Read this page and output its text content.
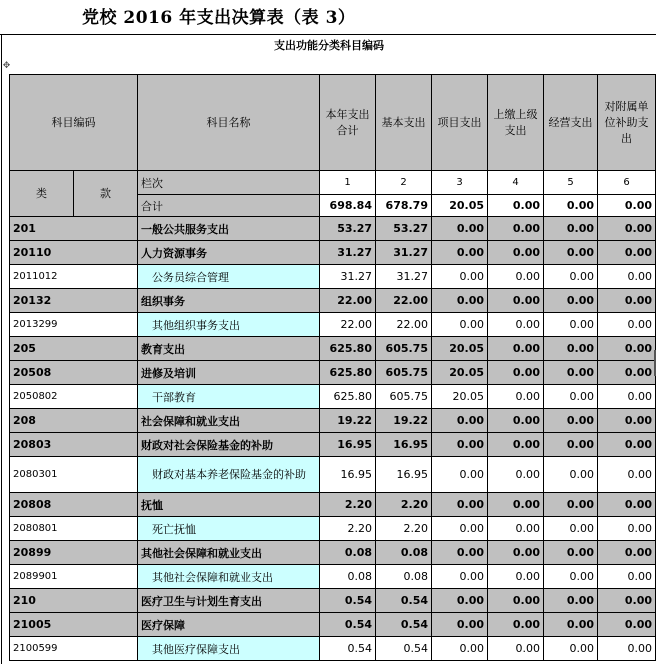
党校 2016 年支出决算表（表 3）
支出功能分类科目编码
✥
科目编码		科目名称	本年支出合计	基本支出	项目支出	上缴上级支出	经营支出	对附属单位补助支出
类	款	栏次	1	2	3	4	5	6
		合计	698.84	678.79	20.05	0.00	0.00	0.00
201		一般公共服务支出	53.27	53.27	0.00	0.00	0.00	0.00
20110		人力资源事务	31.27	31.27	0.00	0.00	0.00	0.00
2011012		公务员综合管理	31.27	31.27	0.00	0.00	0.00	0.00
20132		组织事务	22.00	22.00	0.00	0.00	0.00	0.00
2013299		其他组织事务支出	22.00	22.00	0.00	0.00	0.00	0.00
205		教育支出	625.80	605.75	20.05	0.00	0.00	0.00
20508		进修及培训	625.80	605.75	20.05	0.00	0.00	0.00
2050802		干部教育	625.80	605.75	20.05	0.00	0.00	0.00
208		社会保障和就业支出	19.22	19.22	0.00	0.00	0.00	0.00
20803		财政对社会保险基金的补助	16.95	16.95	0.00	0.00	0.00	0.00
2080301		财政对基本养老保险基金的补助	16.95	16.95	0.00	0.00	0.00	0.00
20808		抚恤	2.20	2.20	0.00	0.00	0.00	0.00
2080801		死亡抚恤	2.20	2.20	0.00	0.00	0.00	0.00
20899		其他社会保障和就业支出	0.08	0.08	0.00	0.00	0.00	0.00
2089901		其他社会保障和就业支出	0.08	0.08	0.00	0.00	0.00	0.00
210		医疗卫生与计划生育支出	0.54	0.54	0.00	0.00	0.00	0.00
21005		医疗保障	0.54	0.54	0.00	0.00	0.00	0.00
2100599		其他医疗保障支出	0.54	0.54	0.00	0.00	0.00	0.00
